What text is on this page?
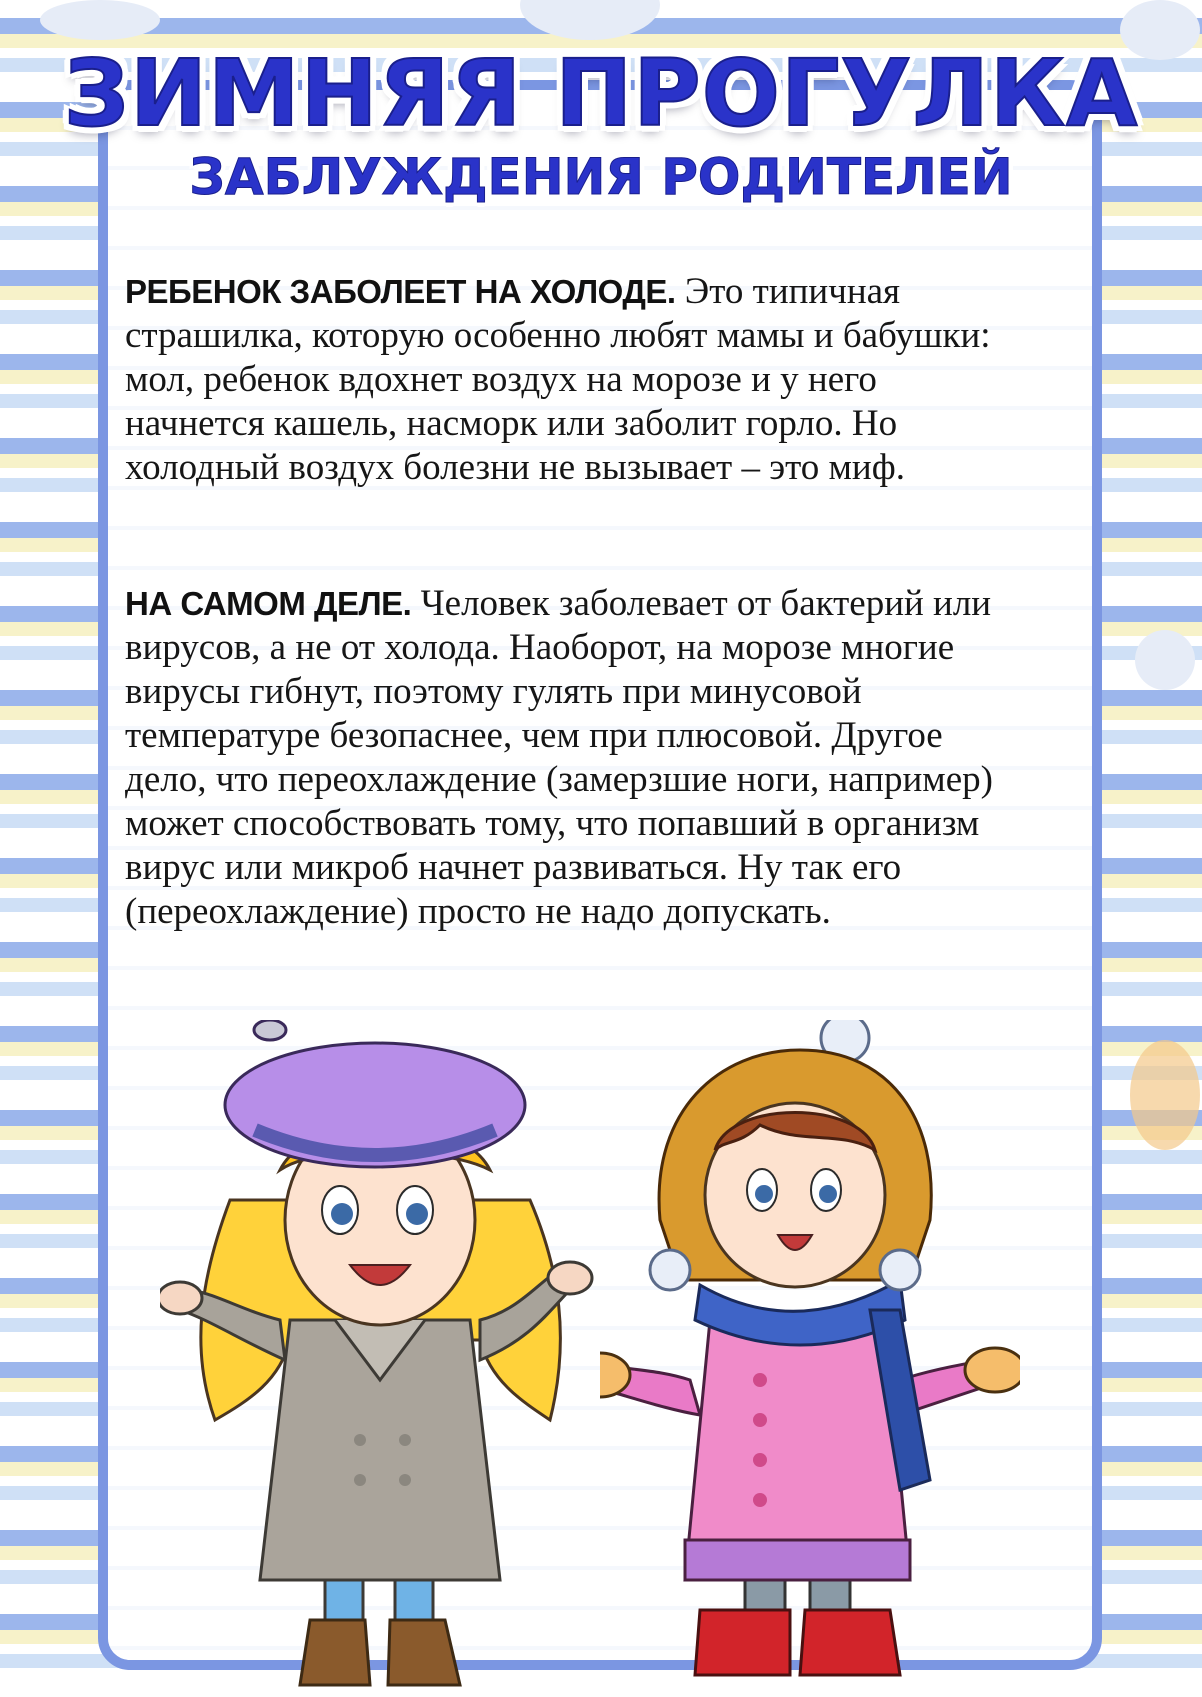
ЗИМНЯЯ ПРОГУЛКА
ЗАБЛУЖДЕНИЯ РОДИТЕЛЕЙ

РЕБЕНОК ЗАБОЛЕЕТ НА ХОЛОДЕ. Это типичная страшилка, которую особенно любят мамы и бабушки: мол, ребенок вдохнет воздух на морозе и у него начнется кашель, насморк или заболит горло. Но холодный воздух болезни не вызывает – это миф.

НА САМОМ ДЕЛЕ. Человек заболевает от бактерий или вирусов, а не от холода. Наоборот, на морозе многие вирусы гибнут, поэтому гулять при минусовой температуре безопаснее, чем при плюсовой. Другое дело, что переохлаждение (замерзшие ноги, например) может способствовать тому, что попавший в организм вирус или микроб начнет развиваться. Ну так его (переохлаждение) просто не надо допускать.
